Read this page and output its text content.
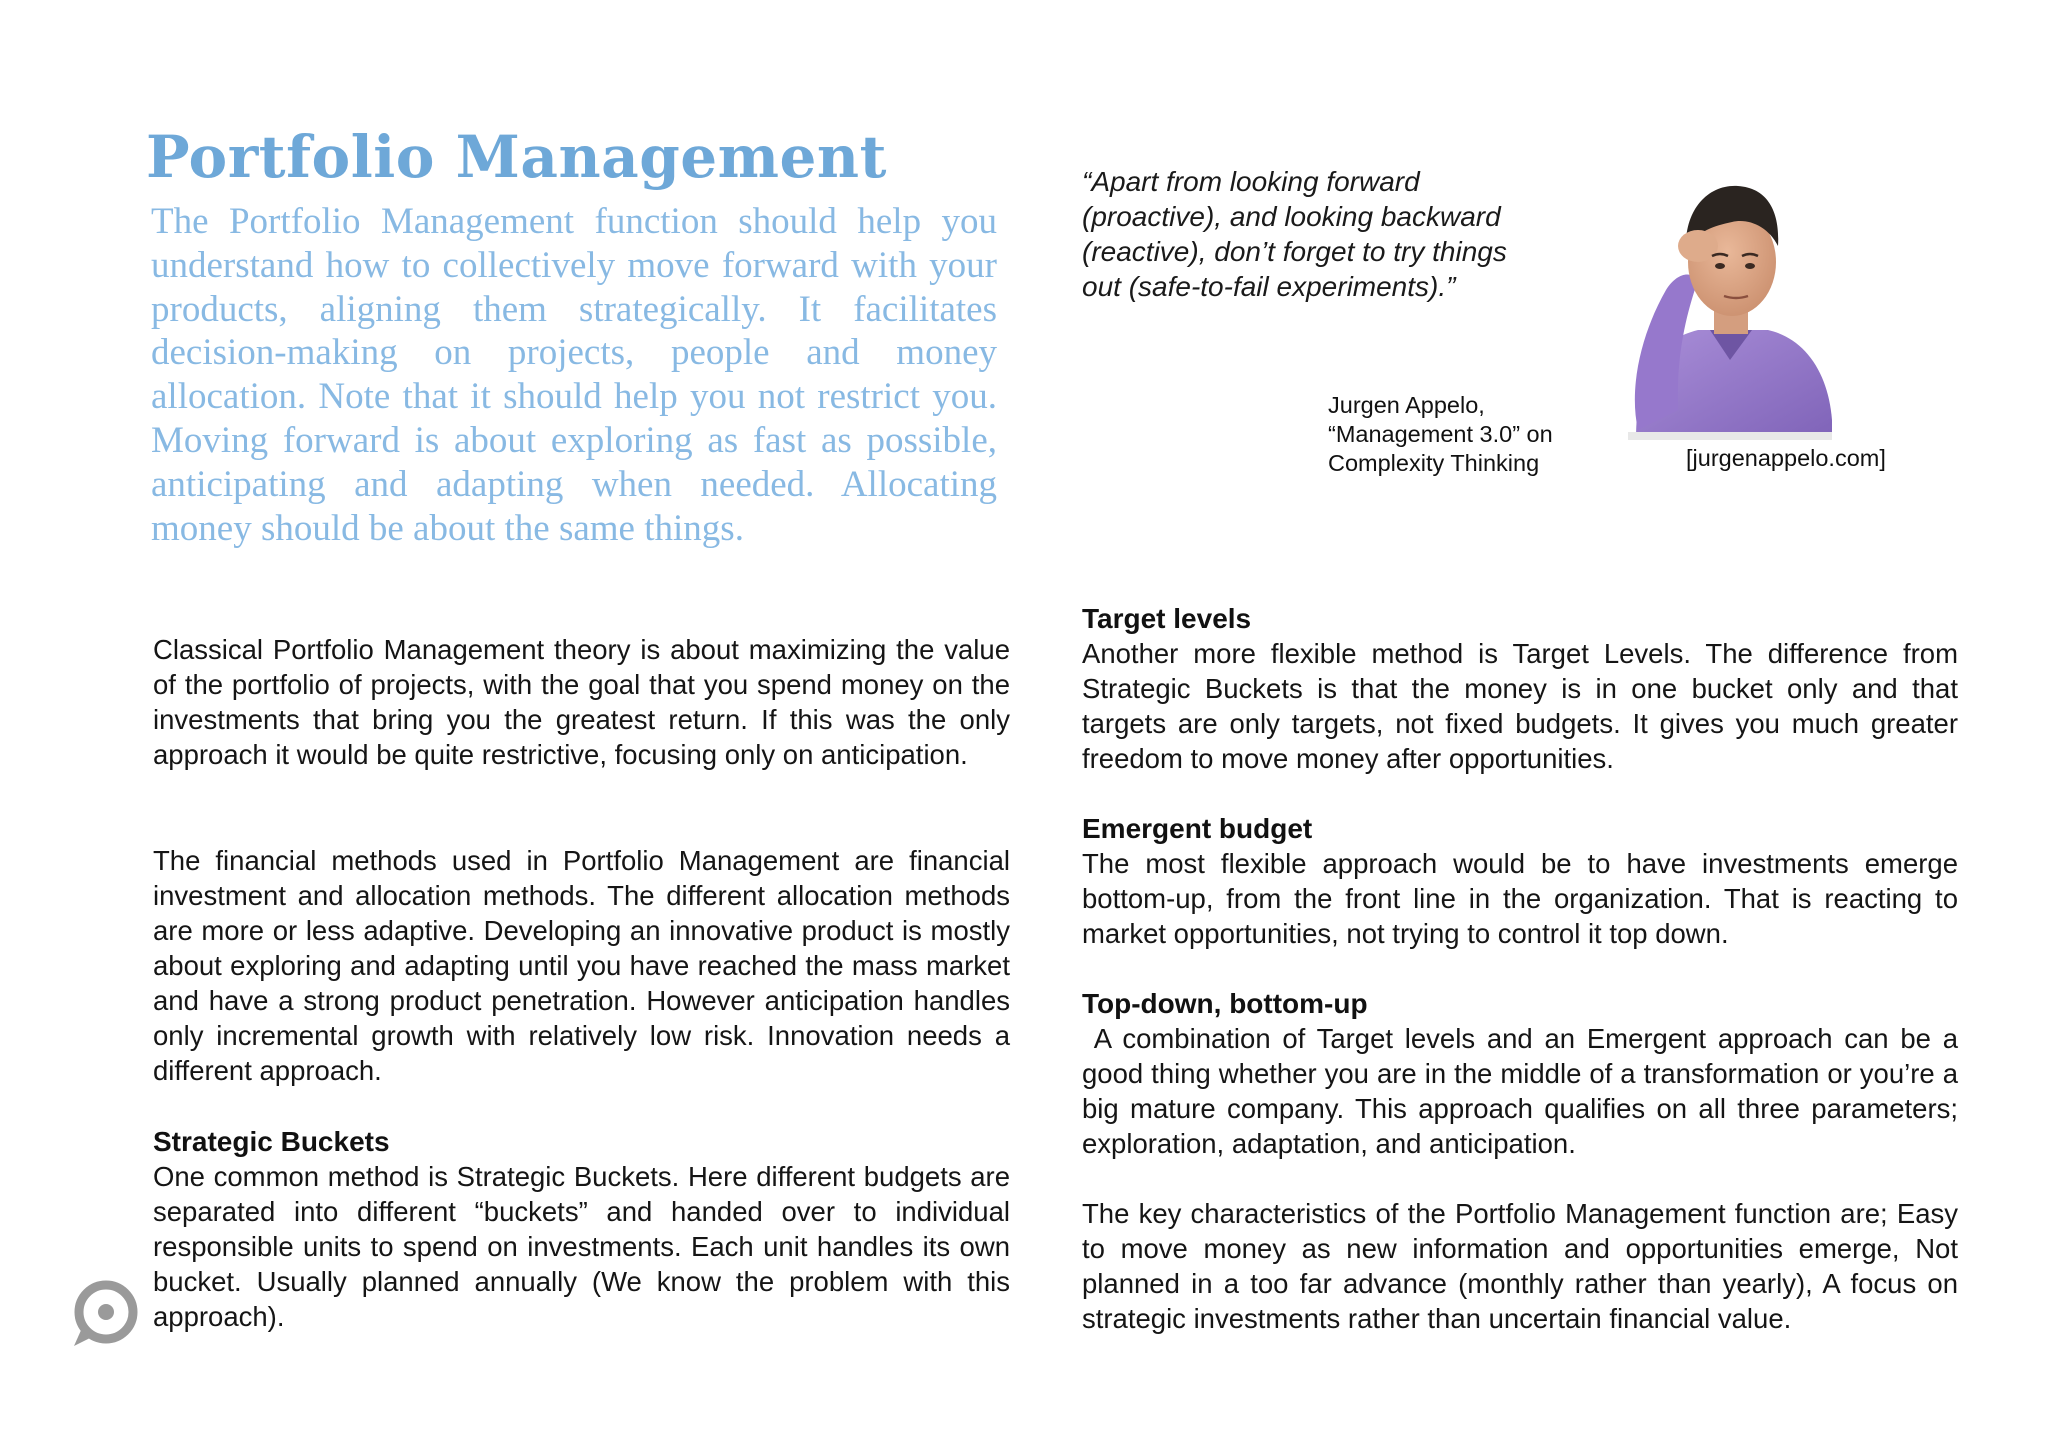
Portfolio Management
The Portfolio Management function should help you understand how to collectively move forward with your products, aligning them strategically. It facilitates decision-making on projects, people and money allocation. Note that it should help you not restrict you. Moving forward is about exploring as fast as possible, anticipating and adapting when needed. Allocating money should be about the same things.
Classical Portfolio Management theory is about maximizing the value of the portfolio of projects, with the goal that you spend money on the investments that bring you the greatest return. If this was the only approach it would be quite restrictive, focusing only on anticipation.
The financial methods used in Portfolio Management are financial investment and allocation methods. The different allocation methods are more or less adaptive. Developing an innovative product is mostly about exploring and adapting until you have reached the mass market and have a strong product penetration. However anticipation handles only incremental growth with relatively low risk. Innovation needs a different approach.
Strategic Buckets
One common method is Strategic Buckets. Here different budgets are separated into different “buckets” and handed over to individual responsible units to spend on investments. Each unit handles its own bucket. Usually planned annually (We know the problem with this approach).
“Apart from looking forward (proactive), and looking backward (reactive), don’t forget to try things out (safe-to-fail experiments).”
Jurgen Appelo,
“Management 3.0” on
Complexity Thinking	[jurgenappelo.com]
Target levels
Another more flexible method is Target Levels. The difference from Strategic Buckets is that the money is in one bucket only and that targets are only targets, not fixed budgets. It gives you much greater freedom to move money after opportunities.
Emergent budget
The most flexible approach would be to have investments emerge bottom-up, from the front line in the organization. That is reacting to market opportunities, not trying to control it top down.
Top-down, bottom-up
A combination of Target levels and an Emergent approach can be a good thing whether you are in the middle of a transformation or you’re a big mature company. This approach qualifies on all three parameters; exploration, adaptation, and anticipation.
The key characteristics of the Portfolio Management function are; Easy to move money as new information and opportunities emerge, Not planned in a too far advance (monthly rather than yearly), A focus on strategic investments rather than uncertain financial value.
